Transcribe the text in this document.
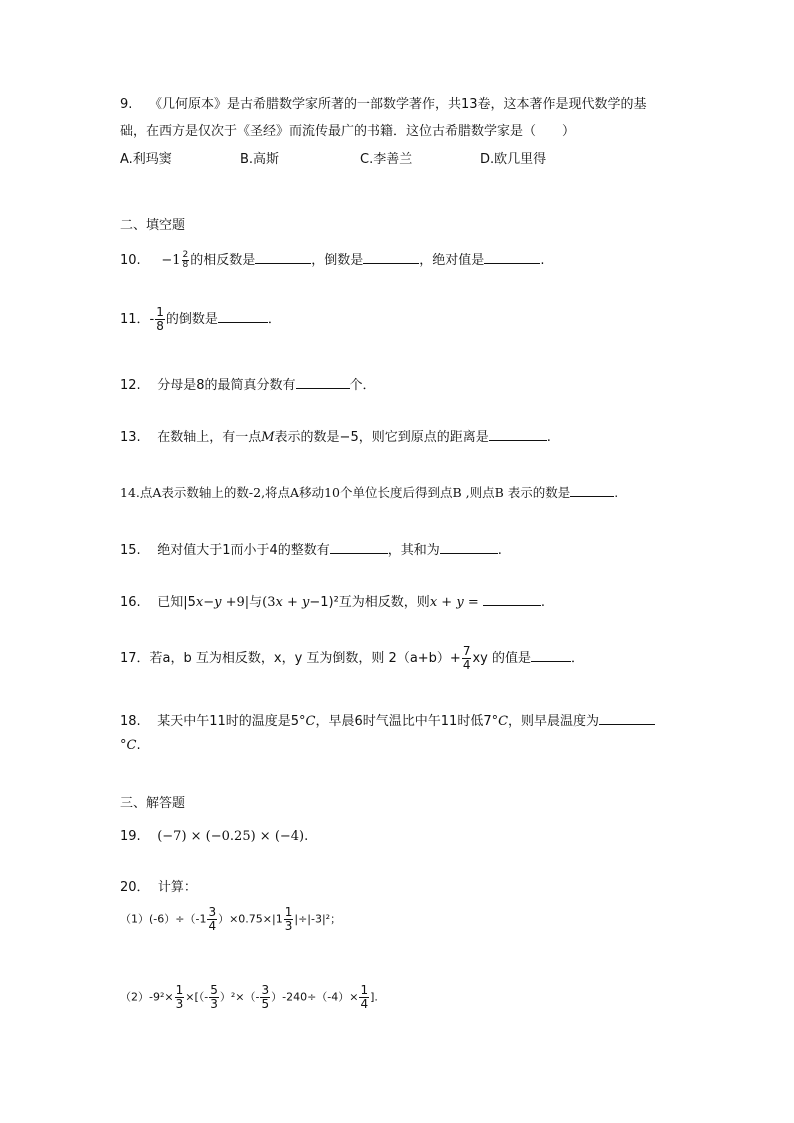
9. 《几何原本》是古希腊数学家所著的一部数学著作，共13卷，这本著作是现代数学的基
础，在西方是仅次于《圣经》而流传最广的书籍．这位古希腊数学家是（　　）
A.利玛窦	B.高斯	C.李善兰	D.欧几里得
二、填空题
10. $-1 \frac{2}{8}$ 的相反数是	，倒数是	，绝对值是	.
11．- $\frac{1}{8}$ 的倒数是	．
12. 分母是8的最简真分数有	个．
13. 在数轴上，有一点M表示的数是−5，则它到原点的距离是	.
14.点A表示数轴上的数-2,将点A移动10个单位长度后得到点B ,则点B 表示的数是	.
15. 绝对值大于1而小于4的整数有	，其和为	.
16. 已知|5x−y +9|与(3x + y−1)²互为相反数，则x + y =	.
17．若a，b 互为相反数，x，y 互为倒数，则 $2(a+b)+ \frac{7}{4}$ xy 的值是	．
18. 某天中午11时的温度是5°C，早晨6时气温比中午11时低7°C，则早晨温度为
°C.
三、解答题
19. (−7) × (−0.25) × (−4).
20． 计算：
$(1)(-6)\div(-1 \frac{3}{4} )\times 0.75\times|1 \frac{1}{3} |\div|-3|^2$；
$(2)-9^2\times \frac{1}{3}$ ×[（- $\frac{5}{3} )^2\times(- \frac{3}{5} )-240\div(-4)\times \frac{1}{4}$ ].
